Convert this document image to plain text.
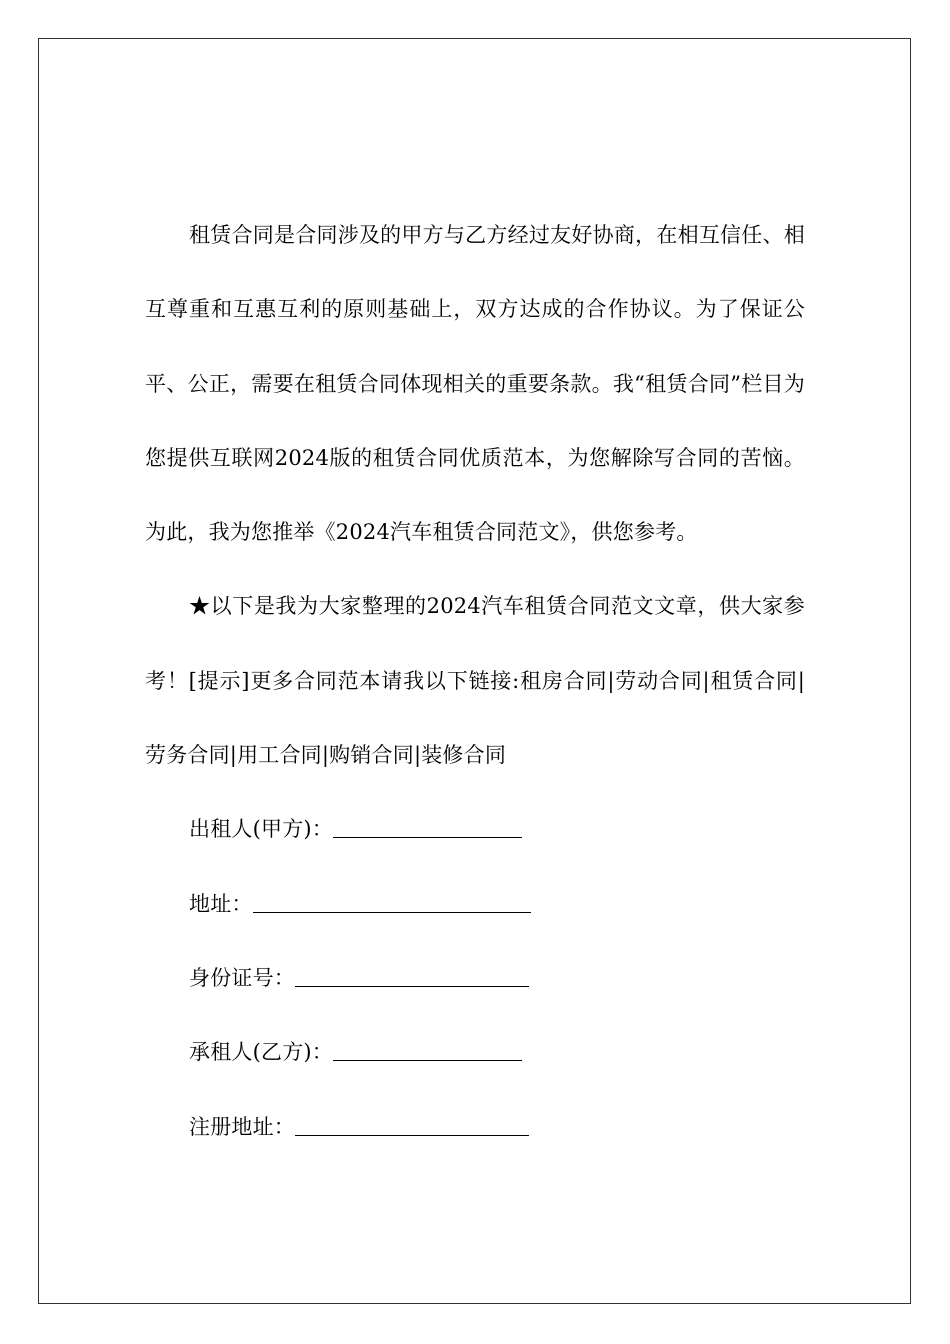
租赁合同是合同涉及的甲方与乙方经过友好协商，在相互信任、相互尊重和互惠互利的原则基础上，双方达成的合作协议。为了保证公平、公正，需要在租赁合同体现相关的重要条款。我“租赁合同”栏目为您提供互联网2024版的租赁合同优质范本，为您解除写合同的苦恼。为此，我为您推举《2024汽车租赁合同范文》，供您参考。

★以下是我为大家整理的2024汽车租赁合同范文文章，供大家参考！[提示]更多合同范本请我以下链接:租房合同|劳动合同|租赁合同|劳务合同|用工合同|购销合同|装修合同

出租人(甲方)：

地址：

身份证号：

承租人(乙方)：

注册地址：
